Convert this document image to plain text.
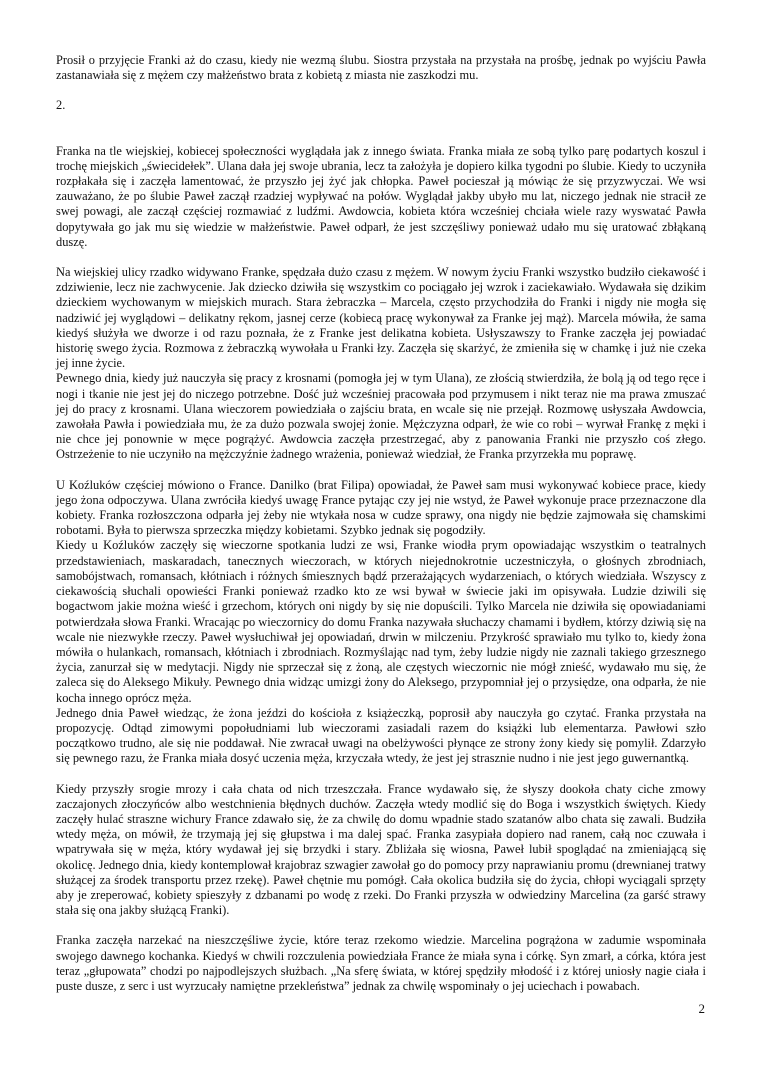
Prosił o przyjęcie Franki aż do czasu, kiedy nie wezmą ślubu. Siostra przystała na przystała na prośbę, jednak po wyjściu Pawła zastanawiała się z mężem czy małżeństwo brata z kobietą z miasta nie zaszkodzi mu.

2.

Franka na tle wiejskiej, kobiecej społeczności wyglądała jak z innego świata. Franka miała ze sobą tylko parę podartych koszul i trochę miejskich „świecidełek”. Ulana dała jej swoje ubrania, lecz ta założyła je dopiero kilka tygodni po ślubie. Kiedy to uczyniła rozpłakała się i zaczęła lamentować, że przyszło jej żyć jak chłopka. Paweł pocieszał ją mówiąc że się przyzwyczai. We wsi zauważano, że po ślubie Paweł zaczął rzadziej wypływać na połów. Wyglądał jakby ubyło mu lat, niczego jednak nie stracił ze swej powagi, ale zaczął częściej rozmawiać z ludźmi. Awdowcia, kobieta która wcześniej chciała wiele razy wyswatać Pawła dopytywała go jak mu się wiedzie w małżeństwie. Paweł odparł, że jest szczęśliwy ponieważ udało mu się uratować zbłąkaną duszę.

Na wiejskiej ulicy rzadko widywano Franke, spędzała dużo czasu z mężem. W nowym życiu Franki wszystko budziło ciekawość i zdziwienie, lecz nie zachwycenie. Jak dziecko dziwiła się wszystkim co pociągało jej wzrok i zaciekawiało. Wydawała się dzikim dzieckiem wychowanym w miejskich murach. Stara żebraczka – Marcela, często przychodziła do Franki i nigdy nie mogła się nadziwić jej wyglądowi – delikatny rękom, jasnej cerze (kobiecą pracę wykonywał za Franke jej mąż). Marcela mówiła, że sama kiedyś służyła we dworze i od razu poznała, że z Franke jest delikatna kobieta. Usłyszawszy to Franke zaczęła jej powiadać historię swego życia. Rozmowa z żebraczką wywołała u Franki łzy. Zaczęła się skarżyć, że zmieniła się w chamkę i już nie czeka jej inne życie.

Pewnego dnia, kiedy już nauczyła się pracy z krosnami (pomogła jej w tym Ulana), ze złością stwierdziła, że bolą ją od tego ręce i nogi i tkanie nie jest jej do niczego potrzebne. Dość już wcześniej pracowała pod przymusem i nikt teraz nie ma prawa zmuszać jej do pracy z krosnami. Ulana wieczorem powiedziała o zajściu brata, en wcale się nie przejął. Rozmowę usłyszała Awdowcia, zawołała Pawła i powiedziała mu, że za dużo pozwala swojej żonie. Mężczyzna odparł, że wie co robi – wyrwał Frankę z męki i nie chce jej ponownie w męce pogrążyć. Awdowcia zaczęła przestrzegać, aby z panowania Franki nie przyszło coś złego. Ostrzeżenie to nie uczyniło na mężczyźnie żadnego wrażenia, ponieważ wiedział, że Franka przyrzekła mu poprawę.

U Koźluków częściej mówiono o France. Danilko (brat Filipa) opowiadał, że Paweł sam musi wykonywać kobiece prace, kiedy jego żona odpoczywa. Ulana zwróciła kiedyś uwagę France pytając czy jej nie wstyd, że Paweł wykonuje prace przeznaczone dla kobiety. Franka rozłoszczona odparła jej żeby nie wtykała nosa w cudze sprawy, ona nigdy nie będzie zajmowała się chamskimi robotami. Była to pierwsza sprzeczka między kobietami. Szybko jednak się pogodziły.

Kiedy u Koźluków zaczęły się wieczorne spotkania ludzi ze wsi, Franke wiodła prym opowiadając wszystkim o teatralnych przedstawieniach, maskaradach, tanecznych wieczorach, w których niejednokrotnie uczestniczyła, o głośnych zbrodniach, samobójstwach, romansach, kłótniach i różnych śmiesznych bądź przerażających wydarzeniach, o których wiedziała. Wszyscy z ciekawością słuchali opowieści Franki ponieważ rzadko kto ze wsi bywał w świecie jaki im opisywała. Ludzie dziwili się bogactwom jakie można wieść i grzechom, których oni nigdy by się nie dopuścili. Tylko Marcela nie dziwiła się opowiadaniami potwierdzała słowa Franki. Wracając po wieczornicy do domu Franka nazywała słuchaczy chamami i bydłem, którzy dziwią się na wcale nie niezwykłe rzeczy. Paweł wysłuchiwał jej opowiadań, drwin w milczeniu. Przykrość sprawiało mu tylko to, kiedy żona mówiła o hulankach, romansach, kłótniach i zbrodniach. Rozmyślając nad tym, żeby ludzie nigdy nie zaznali takiego grzesznego życia, zanurzał się w medytacji. Nigdy nie sprzeczał się z żoną, ale częstych wieczornic nie mógł znieść, wydawało mu się, że zaleca się do Aleksego Mikuły. Pewnego dnia widząc umizgi żony do Aleksego, przypomniał jej o przysiędze, ona odparła, że nie kocha innego oprócz męża.

Jednego dnia Paweł wiedząc, że żona jeździ do kościoła z książeczką, poprosił aby nauczyła go czytać. Franka przystała na propozycję. Odtąd zimowymi popołudniami lub wieczorami zasiadali razem do książki lub elementarza. Pawłowi szło początkowo trudno, ale się nie poddawał. Nie zwracał uwagi na obelżywości płynące ze strony żony kiedy się pomylił. Zdarzyło się pewnego razu, że Franka miała dosyć uczenia męża, krzyczała wtedy, że jest jej strasznie nudno i nie jest jego guwernantką.

Kiedy przyszły srogie mrozy i cała chata od nich trzeszczała. France wydawało się, że słyszy dookoła chaty ciche zmowy zaczajonych złoczyńców albo westchnienia błędnych duchów. Zaczęła wtedy modlić się do Boga i wszystkich świętych. Kiedy zaczęły hulać straszne wichury France zdawało się, że za chwilę do domu wpadnie stado szatanów albo chata się zawali. Budziła wtedy męża, on mówił, że trzymają jej się głupstwa i ma dalej spać. Franka zasypiała dopiero nad ranem, całą noc czuwała i wpatrywała się w męża, który wydawał jej się brzydki i stary. Zbliżała się wiosna, Paweł lubił spoglądać na zmieniającą się okolicę. Jednego dnia, kiedy kontemplował krajobraz szwagier zawołał go do pomocy przy naprawianiu promu (drewnianej tratwy służącej za środek transportu przez rzekę). Paweł chętnie mu pomógł. Cała okolica budziła się do życia, chłopi wyciągali sprzęty aby je zreperować, kobiety spieszyły z dzbanami po wodę z rzeki. Do Franki przyszła w odwiedziny Marcelina (za garść strawy stała się ona jakby służącą Franki).

Franka zaczęła narzekać na nieszczęśliwe życie, które teraz rzekomo wiedzie. Marcelina pogrążona w zadumie wspominała swojego dawnego kochanka. Kiedyś w chwili rozczulenia powiedziała France że miała syna i córkę. Syn zmarł, a córka, która jest teraz „głupowata” chodzi po najpodlejszych służbach. „Na sferę świata, w której spędziły młodość i z której uniosły nagie ciała i puste dusze, z serc i ust wyrzucały namiętne przekleństwa” jednak za chwilę wspominały o jej uciechach i powabach.

2
